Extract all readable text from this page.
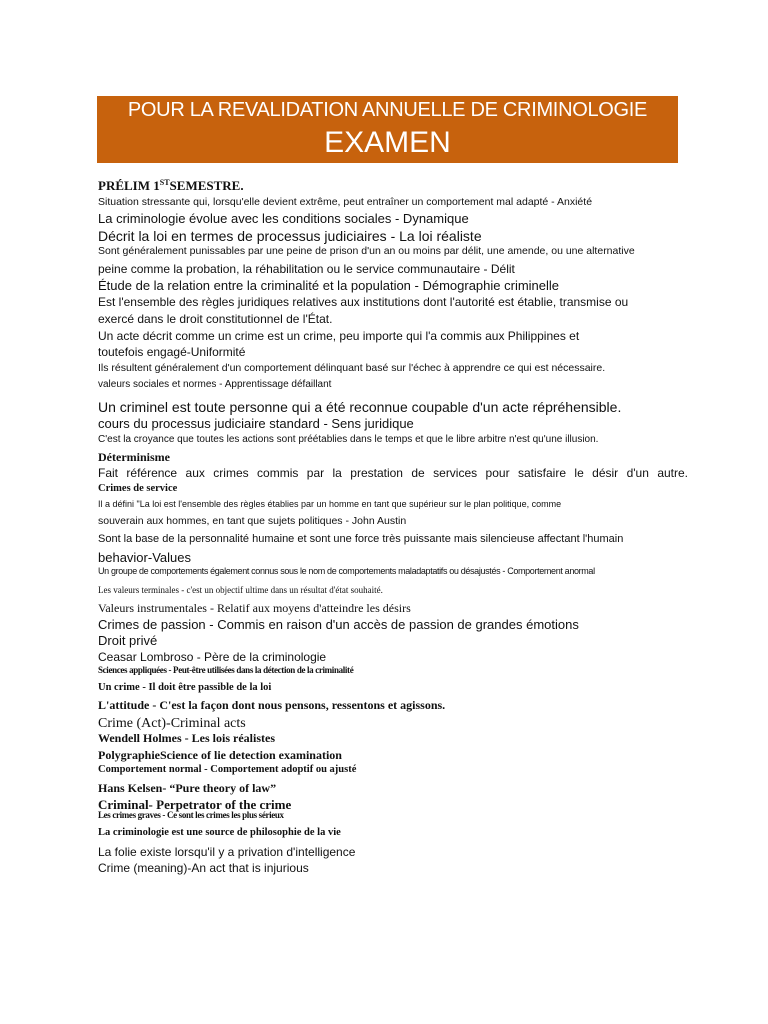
POUR LA REVALIDATION ANNUELLE DE CRIMINOLOGIE
EXAMEN

PRÉLIM 1STSEMESTRE.

Situation stressante qui, lorsqu'elle devient extrême, peut entraîner un comportement mal adapté - Anxiété

La criminologie évolue avec les conditions sociales - Dynamique

Décrit la loi en termes de processus judiciaires - La loi réaliste

Sont généralement punissables par une peine de prison d'un an ou moins par délit, une amende, ou une alternative

peine comme la probation, la réhabilitation ou le service communautaire - Délit

Étude de la relation entre la criminalité et la population - Démographie criminelle

Est l'ensemble des règles juridiques relatives aux institutions dont l'autorité est établie, transmise ou

exercé dans le droit constitutionnel de l'État.

Un acte décrit comme un crime est un crime, peu importe qui l'a commis aux Philippines et

toutefois engagé-Uniformité

Ils résultent généralement d'un comportement délinquant basé sur l'échec à apprendre ce qui est nécessaire.

valeurs sociales et normes - Apprentissage défaillant

Un criminel est toute personne qui a été reconnue coupable d'un acte répréhensible.

cours du processus judiciaire standard - Sens juridique

C'est la croyance que toutes les actions sont préétablies dans le temps et que le libre arbitre n'est qu'une illusion.

Déterminisme

Fait référence aux crimes commis par la prestation de services pour satisfaire le désir d'un autre.

Crimes de service

Il a défini "La loi est l'ensemble des règles établies par un homme en tant que supérieur sur le plan politique, comme

souverain aux hommes, en tant que sujets politiques - John Austin

Sont la base de la personnalité humaine et sont une force très puissante mais silencieuse affectant l'humain

behavior-Values

Un groupe de comportements également connus sous le nom de comportements maladaptatifs ou désajustés - Comportement anormal

Les valeurs terminales - c'est un objectif ultime dans un résultat d'état souhaité.

Valeurs instrumentales - Relatif aux moyens d'atteindre les désirs

Crimes de passion - Commis en raison d'un accès de passion de grandes émotions

Droit privé

Ceasar Lombroso - Père de la criminologie

Sciences appliquées - Peut-être utilisées dans la détection de la criminalité

Un crime - Il doit être passible de la loi

L'attitude - C'est la façon dont nous pensons, ressentons et agissons.

Crime (Act)-Criminal acts

Wendell Holmes - Les lois réalistes

PolygraphieScience of lie detection examination

Comportement normal - Comportement adoptif ou ajusté

Hans Kelsen- “Pure theory of law”

Criminal- Perpetrator of the crime

Les crimes graves - Ce sont les crimes les plus sérieux

La criminologie est une source de philosophie de la vie

La folie existe lorsqu'il y a privation d'intelligence

Crime (meaning)-An act that is injurious
